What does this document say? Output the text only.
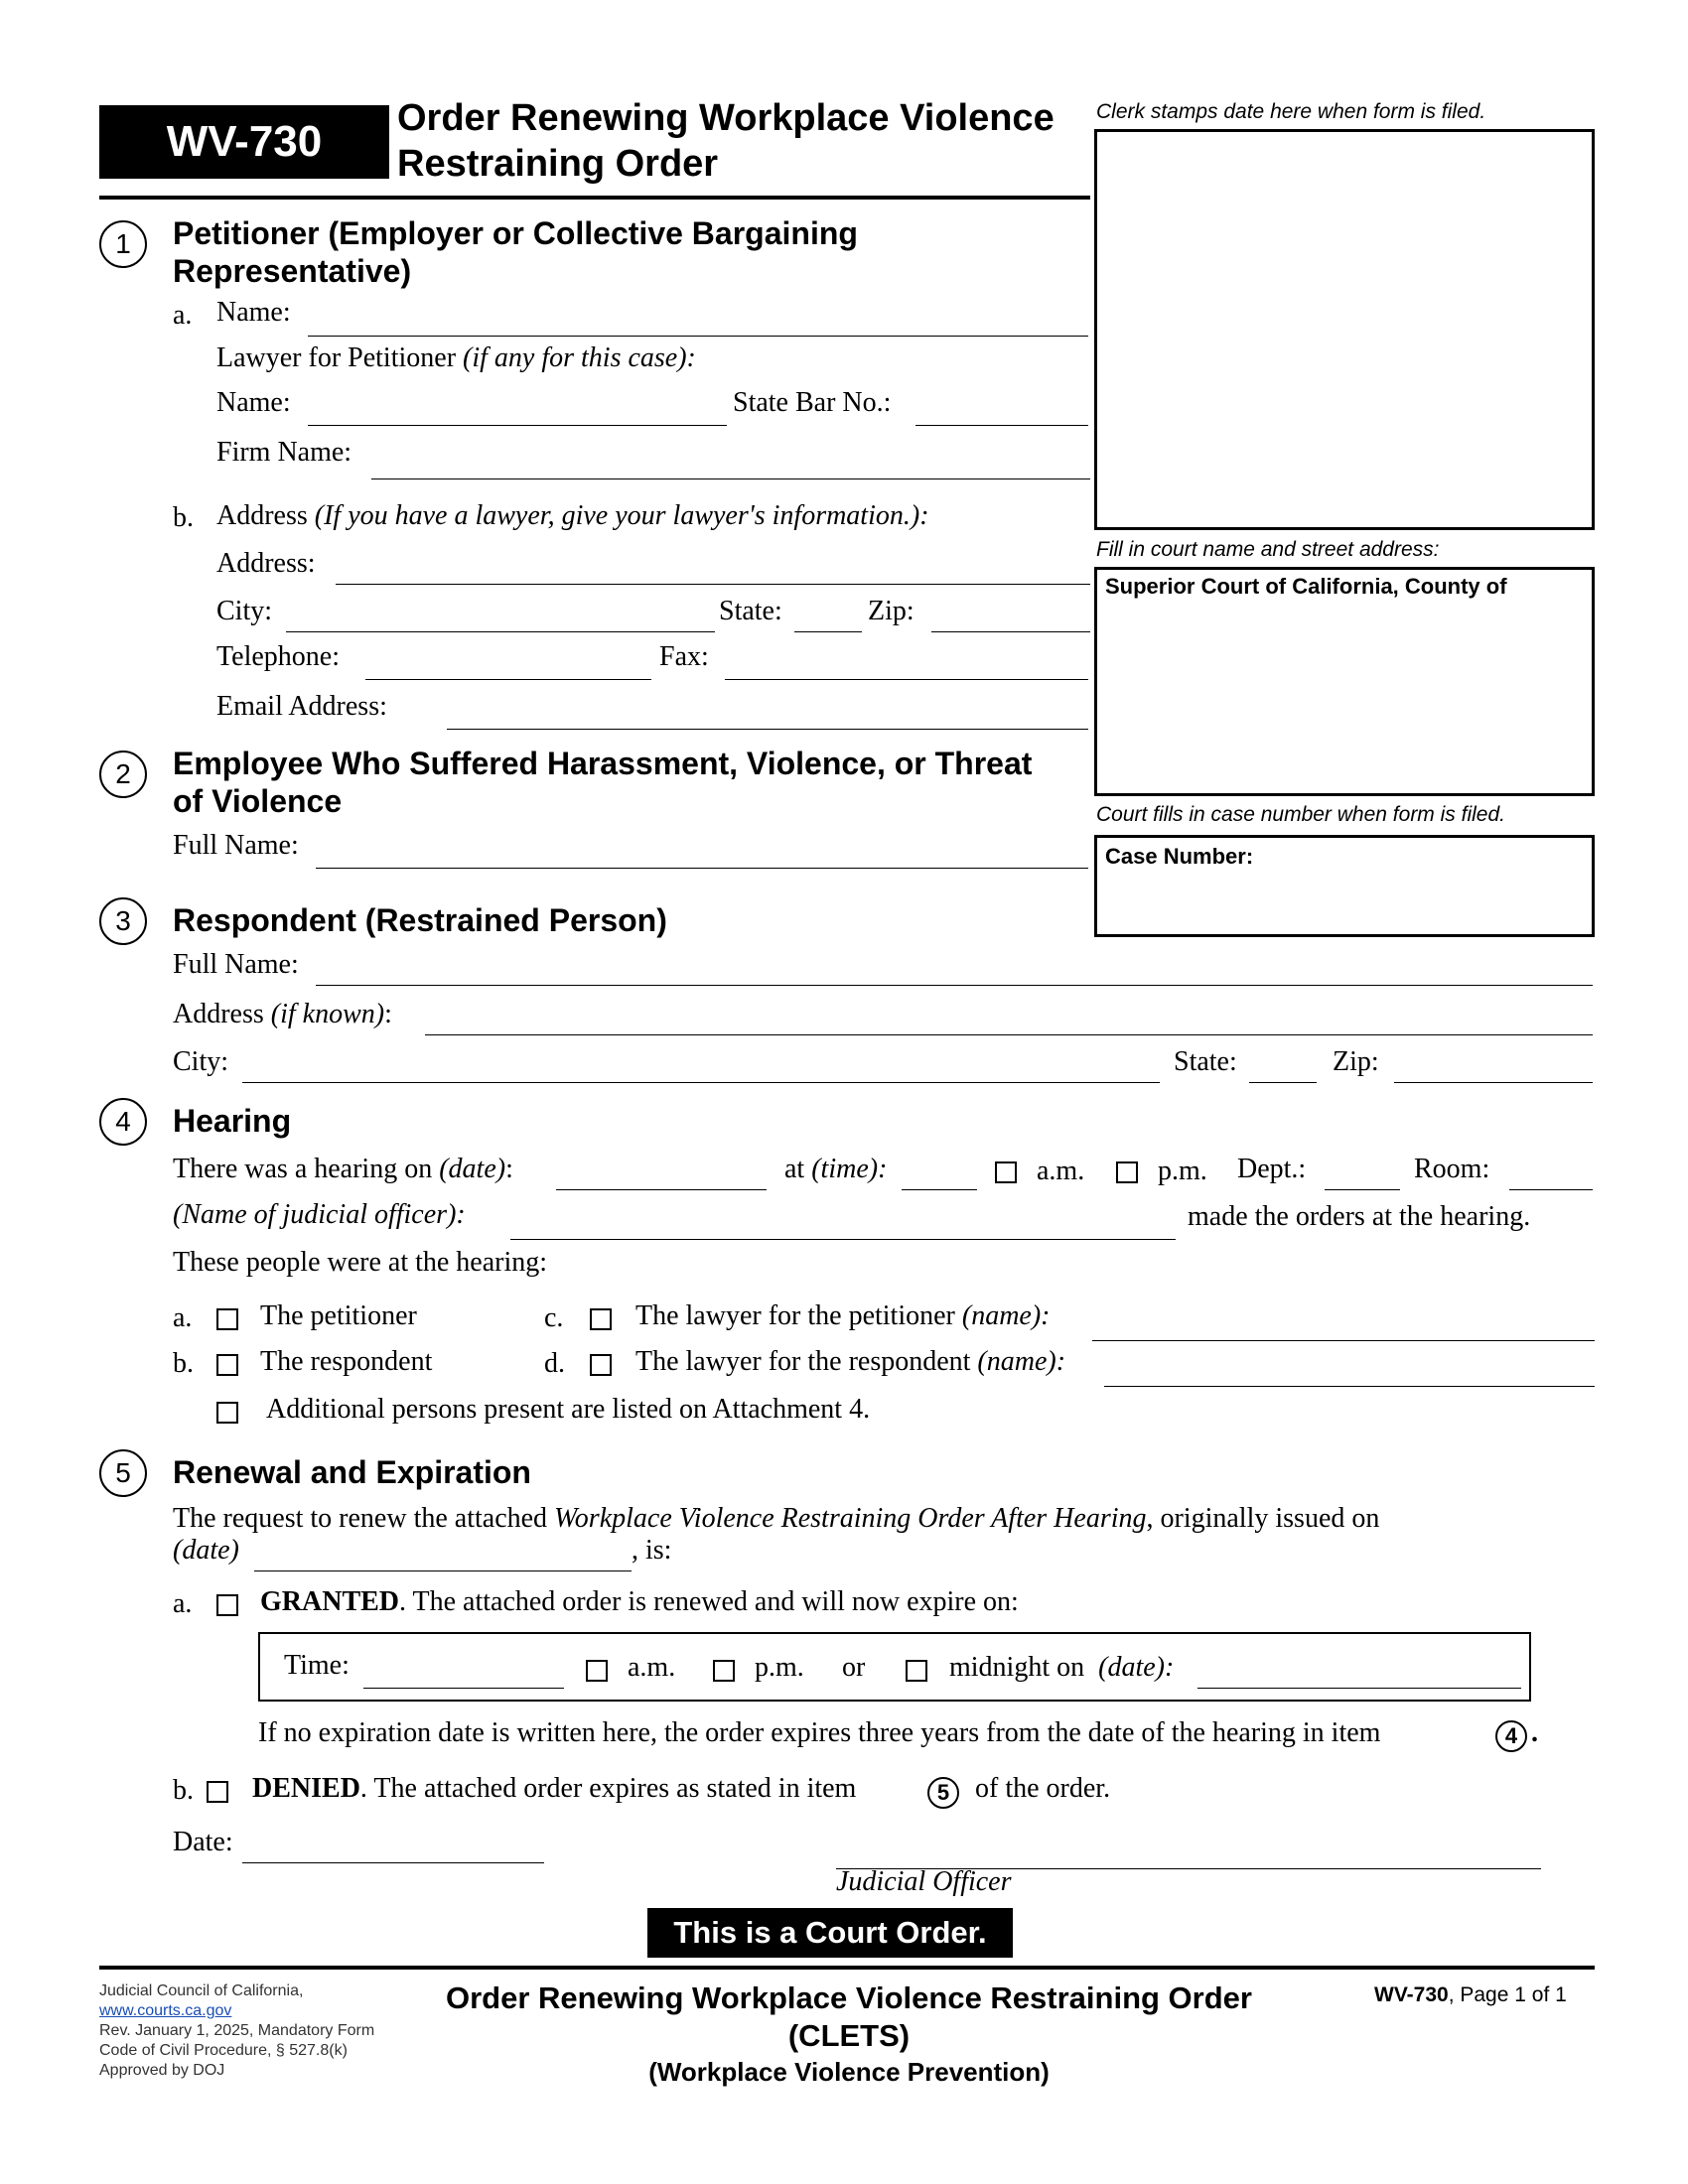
WV-730 Order Renewing Workplace Violence
Restraining Order
Clerk stamps date here when form is filed.
Fill in court name and street address:
Superior Court of California, County of
Court fills in case number when form is filed.
Case Number:
1	Petitioner (Employer or Collective Bargaining
Representative)
a. Name:
Lawyer for Petitioner (if any for this case):
Name:	State Bar No.:
Firm Name:
b. Address (If you have a lawyer, give your lawyer's information.):
Address:
City:	State:	Zip:
Telephone:	Fax:
Email Address:
2	Employee Who Suffered Harassment, Violence, or Threat
of Violence
Full Name:
3	Respondent (Restrained Person)
Full Name:
Address (if known):
City:	State:	Zip:
4	Hearing
There was a hearing on (date):	at (time):	a.m.	p.m. Dept.:	Room:
(Name of judicial officer):	made the orders at the hearing.
These people were at the hearing:
a. The petitioner	c.	The lawyer for the petitioner (name):
b. The respondent	d.	The lawyer for the respondent (name):
Additional persons present are listed on Attachment 4.
5	Renewal and Expiration
The request to renew the attached Workplace Violence Restraining Order After Hearing, originally issued on
(date)	, is:
a. GRANTED. The attached order is renewed and will now expire on:
Time:	a.m.	p.m. or	midnight on (date):
If no expiration date is written here, the order expires three years from the date of the hearing in item	4 .
b. DENIED. The attached order expires as stated in item	5 of the order.
Date:
Judicial Officer
This is a Court Order.
Judicial Council of California,
www.courts.ca.gov
Rev. January 1, 2025, Mandatory Form
Code of Civil Procedure, § 527.8(k)
Approved by DOJ
Order Renewing Workplace Violence Restraining Order
(CLETS)
(Workplace Violence Prevention)
WV-730, Page 1 of 1
